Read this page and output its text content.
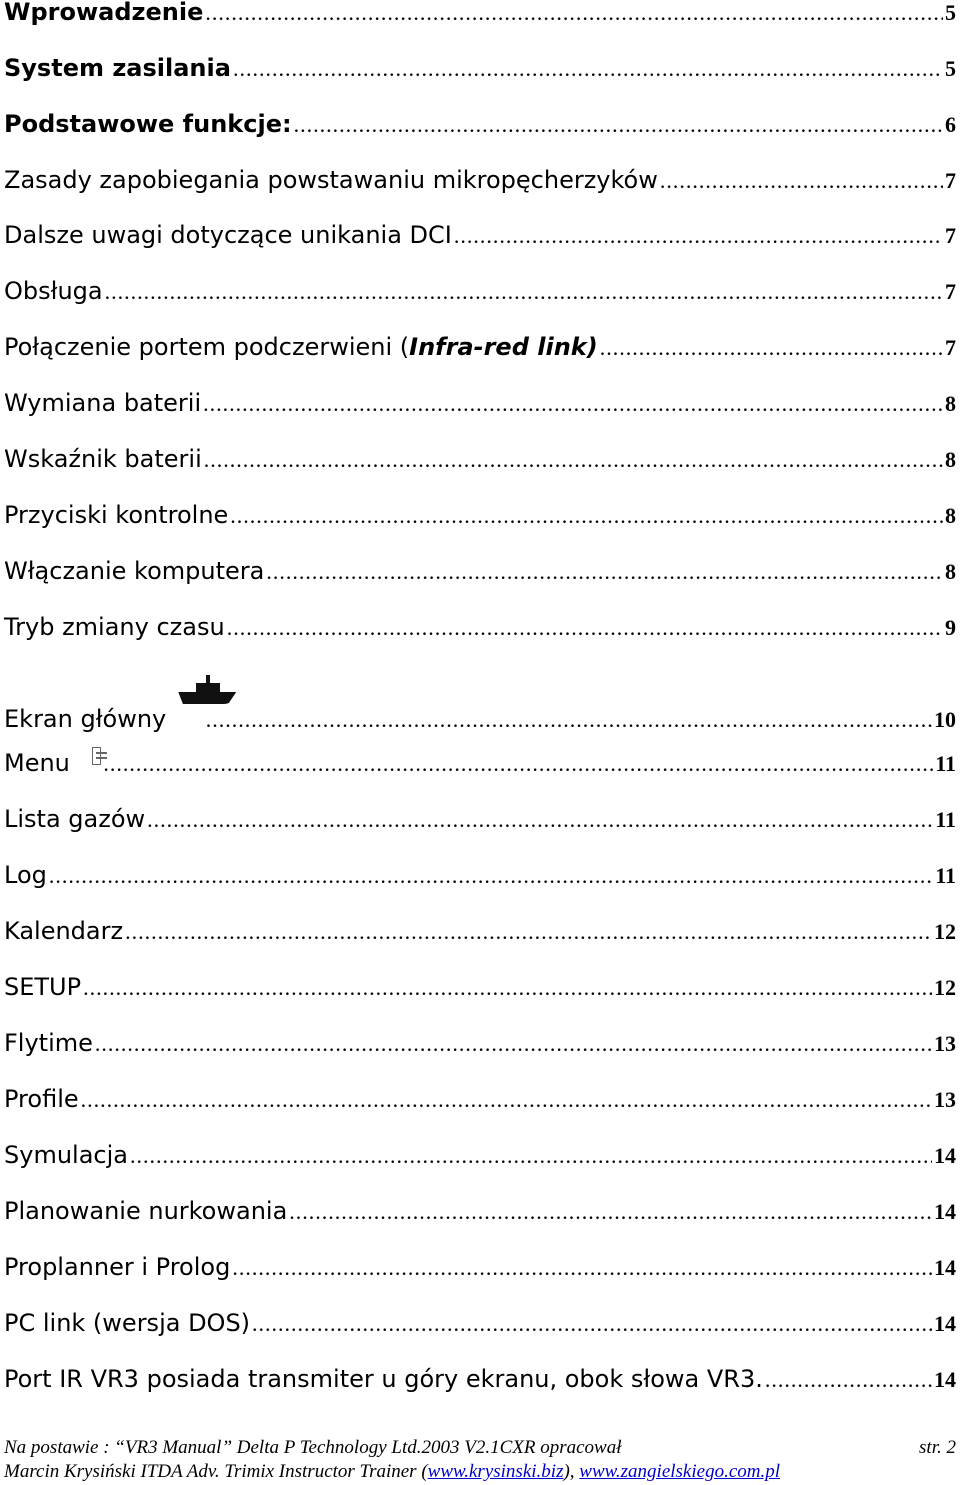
Wprowadzenie .....	5
System zasilania .....	5
Podstawowe funkcje: .....	6
Zasady zapobiegania powstawaniu mikropęcherzyków .....	7
Dalsze uwagi dotyczące unikania DCI .....	7
Obsługa .....	7
Połączenie portem podczerwieni (Infra-red link) .....	7
Wymiana baterii .....	8
Wskaźnik baterii .....	8
Przyciski kontrolne .....	8
Włączanie komputera .....	8
Tryb zmiany czasu .....	9
Ekran główny .....	10
Menu .....	11
Lista gazów .....	11
Log .....	11
Kalendarz .....	12
SETUP .....	12
Flytime .....	13
Profile .....	13
Symulacja .....	14
Planowanie nurkowania .....	14
Proplanner i Prolog .....	14
PC link (wersja DOS) .....	14
Port IR VR3 posiada transmiter u góry ekranu, obok słowa VR3. .....	14
Na postawie : “VR3 Manual” Delta P Technology Ltd.2003 V2.1CXR opracował	str. 2
Marcin Krysiński ITDA Adv. Trimix Instructor Trainer (www.krysinski.biz), www.zangielskiego.com.pl
